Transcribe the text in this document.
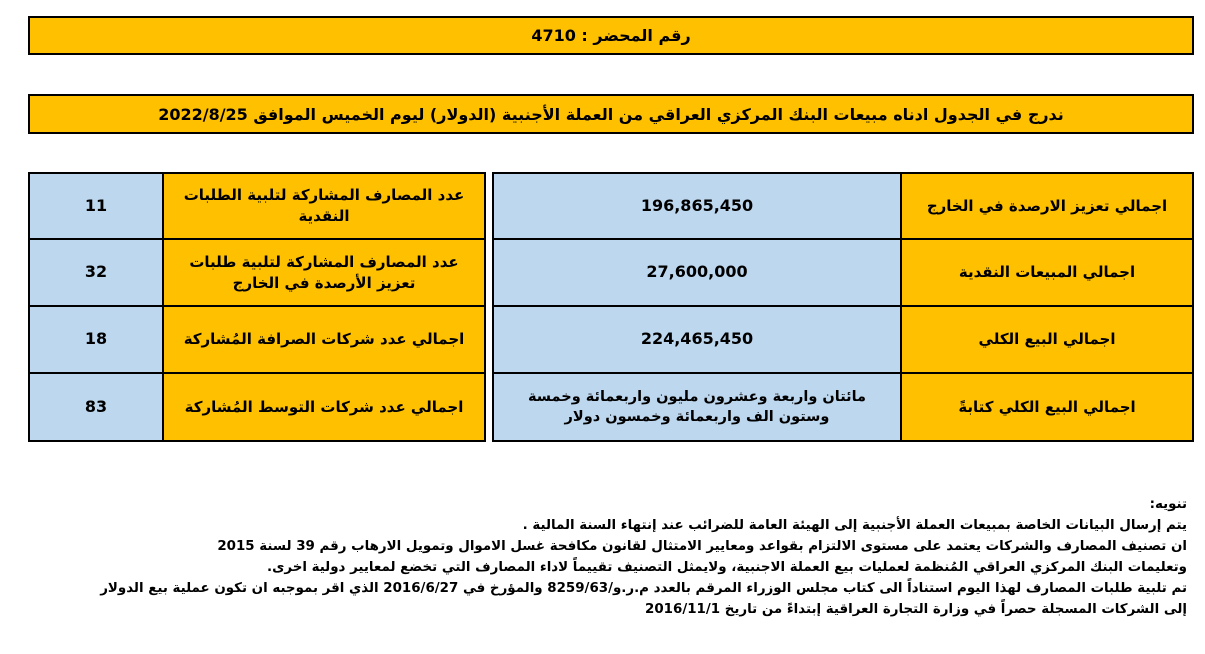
رقم المحضر : 4710
ندرج في الجدول ادناه مبيعات البنك المركزي العراقي من العملة الأجنبية (الدولار) ليوم الخميس الموافق 2022/8/25
اجمالي تعزيز الارصدة في الخارج
196,865,450
اجمالي المبيعات النقدية
27,600,000
اجمالي البيع الكلي
224,465,450
اجمالي البيع الكلي كتابةً
مائتان واربعة وعشرون مليون واربعمائة وخمسة وستون الف واربعمائة وخمسون دولار
عدد المصارف المشاركة لتلبية الطلبات النقدية
11
عدد المصارف المشاركة لتلبية طلبات تعزيز الأرصدة في الخارج
32
اجمالي عدد شركات الصرافة المُشاركة
18
اجمالي عدد شركات التوسط المُشاركة
83
تنويه:
يتم إرسال البيانات الخاصة بمبيعات العملة الأجنبية إلى الهيئة العامة للضرائب عند إنتهاء السنة المالية .
ان تصنيف المصارف والشركات يعتمد على مستوى الالتزام بقواعد ومعايير الامتثال لقانون مكافحة غسل الاموال وتمويل الارهاب رقم 39 لسنة 2015
وتعليمات البنك المركزي العراقي المُنظمة لعمليات بيع العملة الاجنبية، ولايمثل التصنيف تقييماً لاداء المصارف التي تخضع لمعايير دولية اخرى.
تم تلبية طلبات المصارف لهذا اليوم استناداً الى كتاب مجلس الوزراء المرقم بالعدد م.ر.و/8259/63 والمؤرخ في 2016/6/27 الذي اقر بموجبه ان تكون عملية بيع الدولار
إلى الشركات المسجلة حصراً في وزارة التجارة العراقية إبتداءً من تاريخ 2016/11/1
